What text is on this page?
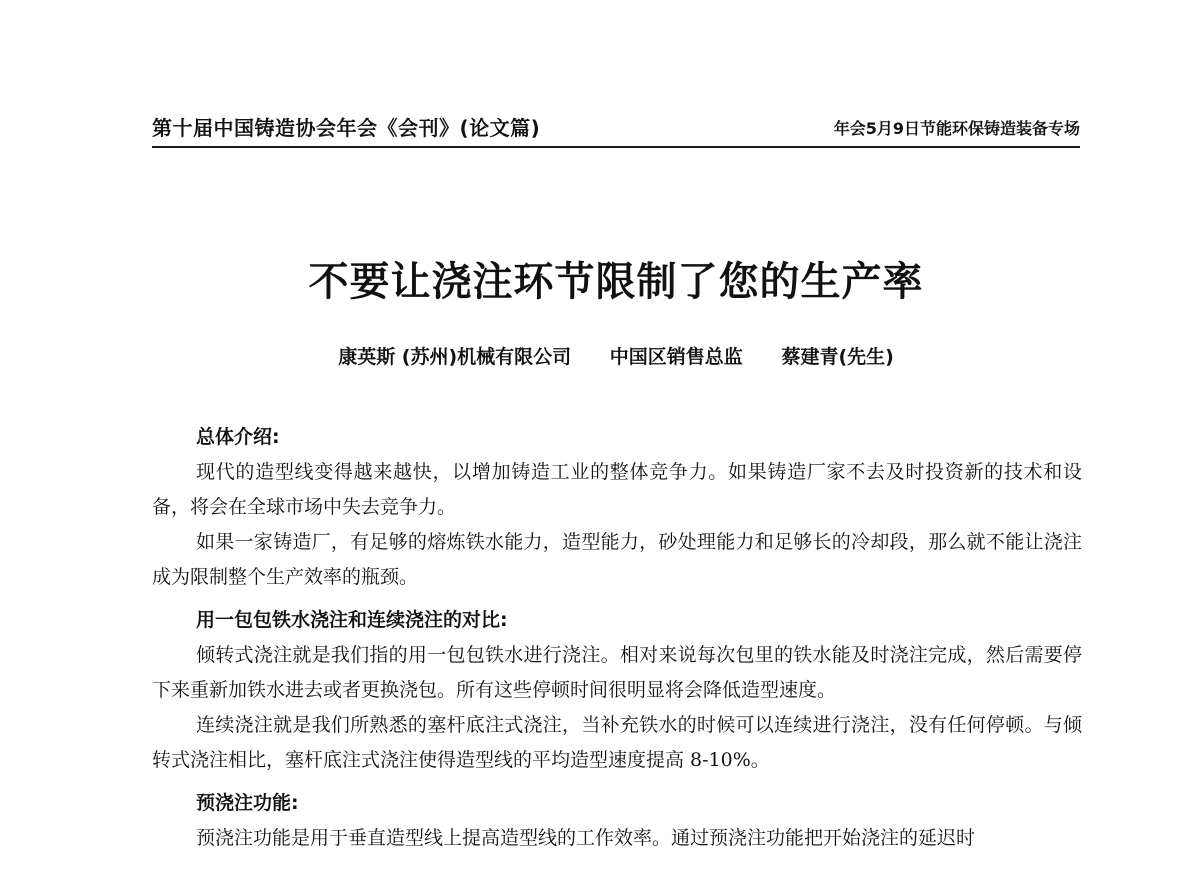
第十届中国铸造协会年会《会刊》(论文篇)	年会5月9日节能环保铸造装备专场
不要让浇注环节限制了您的生产率
康英斯 (苏州)机械有限公司 中国区销售总监 蔡建青(先生)

总体介绍:

现代的造型线变得越来越快，以增加铸造工业的整体竞争力。如果铸造厂家不去及时投资新的技术和设备，将会在全球市场中失去竞争力。

如果一家铸造厂，有足够的熔炼铁水能力，造型能力，砂处理能力和足够长的冷却段，那么就不能让浇注成为限制整个生产效率的瓶颈。

用一包包铁水浇注和连续浇注的对比:

倾转式浇注就是我们指的用一包包铁水进行浇注。相对来说每次包里的铁水能及时浇注完成，然后需要停下来重新加铁水进去或者更换浇包。所有这些停顿时间很明显将会降低造型速度。

连续浇注就是我们所熟悉的塞杆底注式浇注，当补充铁水的时候可以连续进行浇注，没有任何停顿。与倾转式浇注相比，塞杆底注式浇注使得造型线的平均造型速度提高 8-10%。

预浇注功能:

预浇注功能是用于垂直造型线上提高造型线的工作效率。通过预浇注功能把开始浇注的延迟时
